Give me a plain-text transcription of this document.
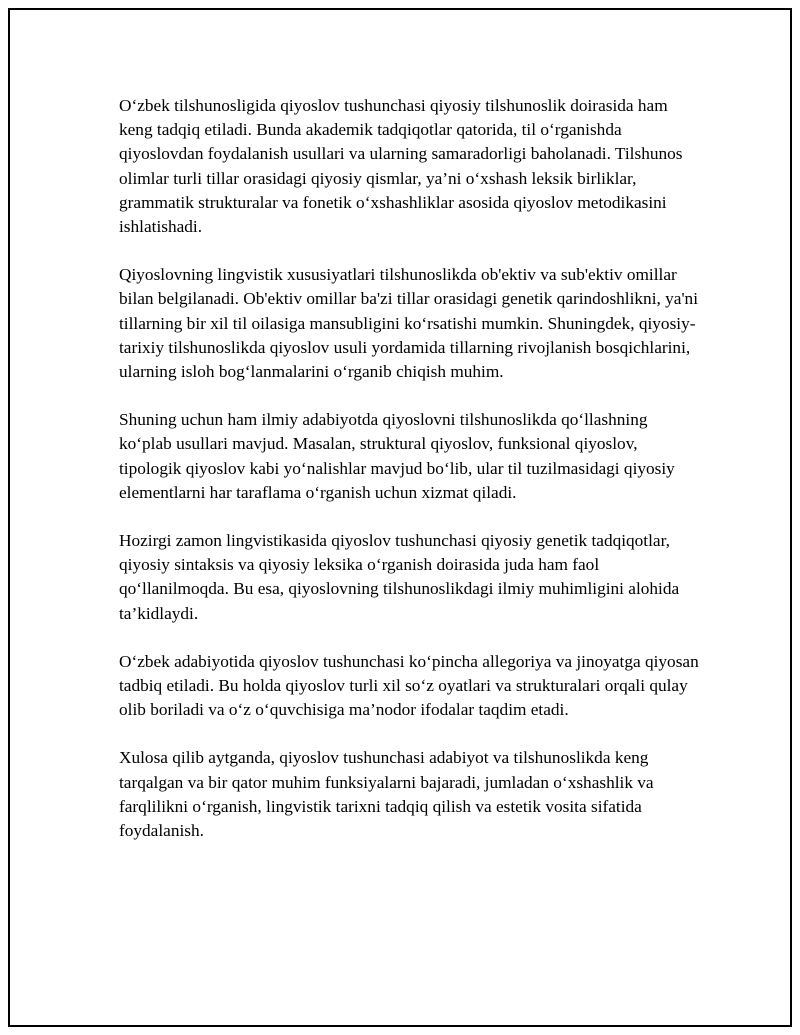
O‘zbek tilshunosligida qiyoslov tushunchasi qiyosiy tilshunoslik doirasida ham keng tadqiq etiladi. Bunda akademik tadqiqotlar qatorida, til o‘rganishda qiyoslovdan foydalanish usullari va ularning samaradorligi baholanadi. Tilshunos olimlar turli tillar orasidagi qiyosiy qismlar, ya’ni o‘xshash leksik birliklar, grammatik strukturalar va fonetik o‘xshashliklar asosida qiyoslov metodikasini ishlatishadi.

Qiyoslovning lingvistik xususiyatlari tilshunoslikda ob'ektiv va sub'ektiv omillar bilan belgilanadi. Ob'ektiv omillar ba'zi tillar orasidagi genetik qarindoshlikni, ya'ni tillarning bir xil til oilasiga mansubligini ko‘rsatishi mumkin. Shuningdek, qiyosiy-tarixiy tilshunoslikda qiyoslov usuli yordamida tillarning rivojlanish bosqichlarini, ularning isloh bog‘lanmalarini o‘rganib chiqish muhim.

Shuning uchun ham ilmiy adabiyotda qiyoslovni tilshunoslikda qo‘llashning ko‘plab usullari mavjud. Masalan, struktural qiyoslov, funksional qiyoslov, tipologik qiyoslov kabi yo‘nalishlar mavjud bo‘lib, ular til tuzilmasidagi qiyosiy elementlarni har taraflama o‘rganish uchun xizmat qiladi.

Hozirgi zamon lingvistikasida qiyoslov tushunchasi qiyosiy genetik tadqiqotlar, qiyosiy sintaksis va qiyosiy leksika o‘rganish doirasida juda ham faol qo‘llanilmoqda. Bu esa, qiyoslovning tilshunoslikdagi ilmiy muhimligini alohida ta’kidlaydi.

O‘zbek adabiyotida qiyoslov tushunchasi ko‘pincha allegoriya va jinoyatga qiyosan tadbiq etiladi. Bu holda qiyoslov turli xil so‘z oyatlari va strukturalari orqali qulay olib boriladi va o‘z o‘quvchisiga ma’nodor ifodalar taqdim etadi.

Xulosa qilib aytganda, qiyoslov tushunchasi adabiyot va tilshunoslikda keng tarqalgan va bir qator muhim funksiyalarni bajaradi, jumladan o‘xshashlik va farqlilikni o‘rganish, lingvistik tarixni tadqiq qilish va estetik vosita sifatida foydalanish.
